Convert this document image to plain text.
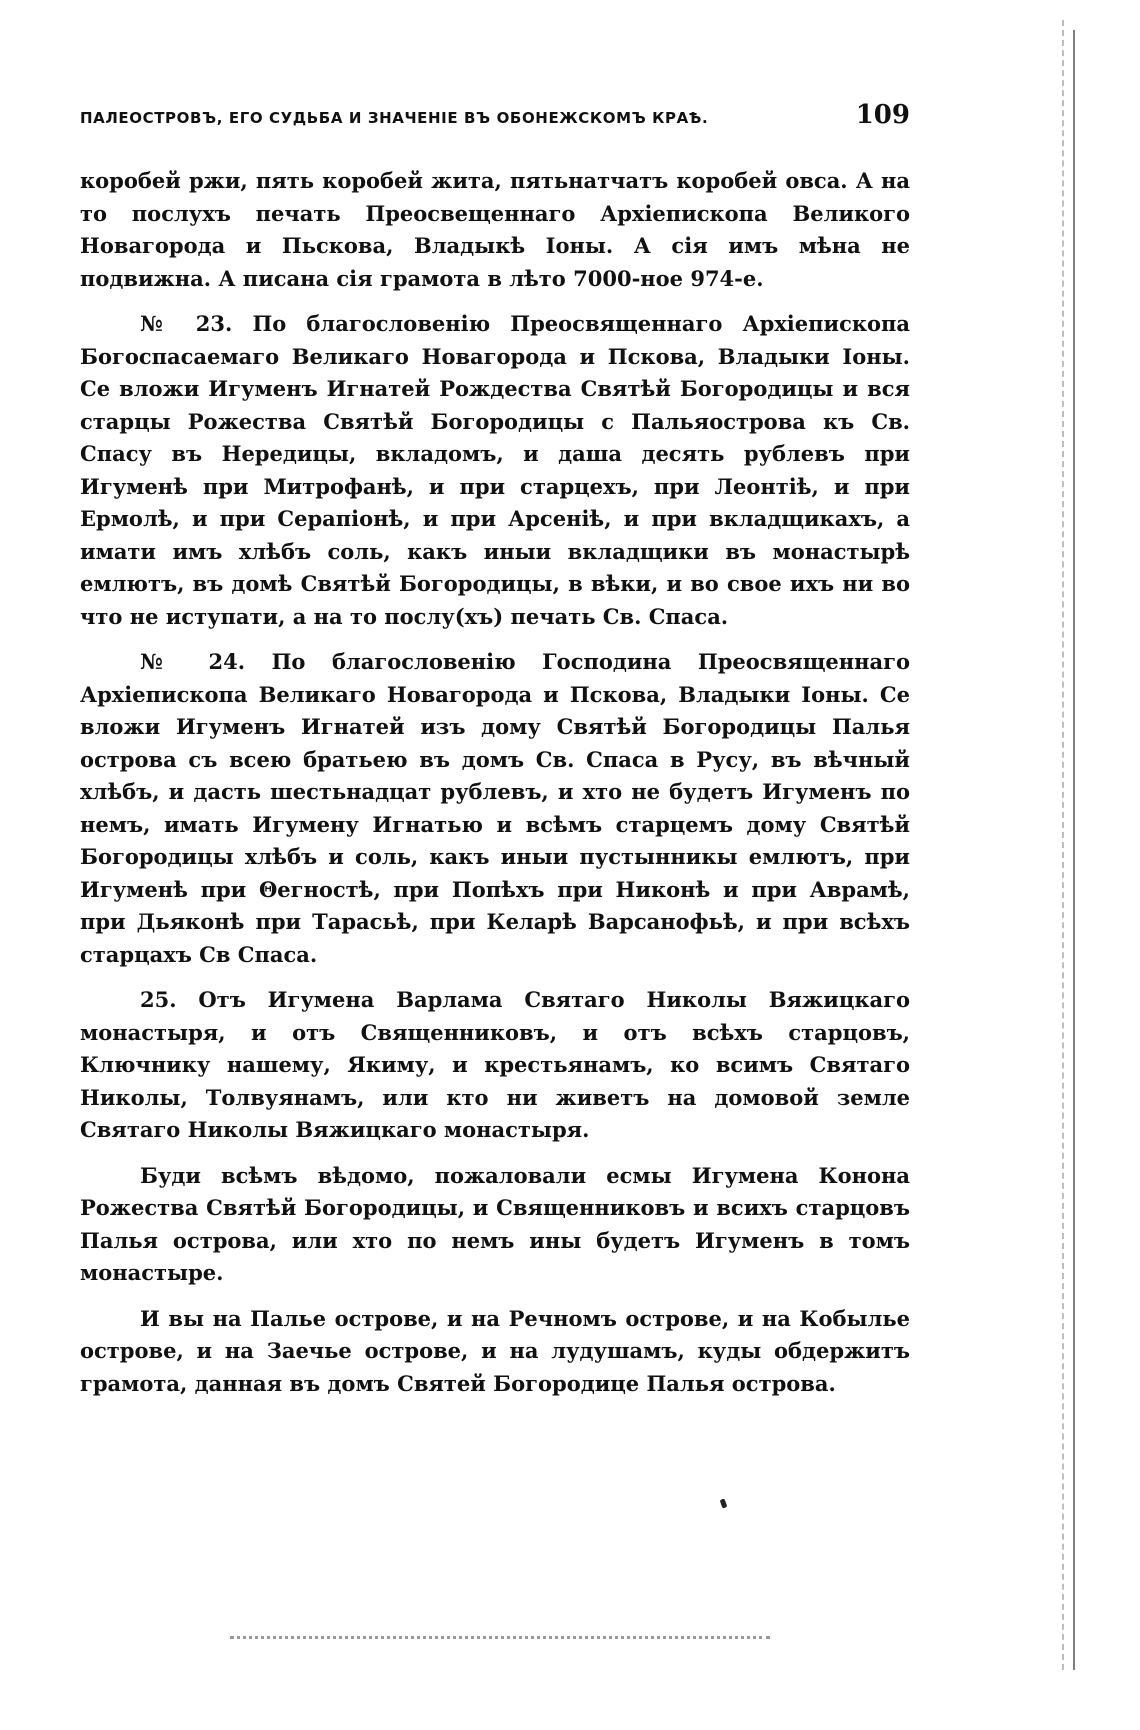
ПАЛЕОСТРОВЪ, ЕГО СУДЬБА И ЗНАЧЕНІЕ ВЪ ОБОНЕЖСКОМЪ КРАѢ.	109

коробей ржи, пять коробей жита, пятьнатчатъ коробей овса. А на то послухъ печать Преосвещеннаго Архіепископа Великого Новагорода и Пьскова, Владыкѣ Іоны. А сія имъ мѣна не подвижна. А писана сія грамота в лѣто 7000-ное 974-е.

№ 23. По благословенію Преосвященнаго Архіепископа Богоспасаемаго Великаго Новагорода и Пскова, Владыки Іоны. Се вложи Игуменъ Игнатей Рождества Святѣй Богородицы и вся старцы Рожества Святѣй Богородицы с Пальяострова къ Св. Спасу въ Нередицы, вкладомъ, и даша десять рублевъ при Игуменѣ при Митрофанѣ, и при старцехъ, при Леонтіѣ, и при Ермолѣ, и при Серапіонѣ, и при Арсеніѣ, и при вкладщикахъ, а имати имъ хлѣбъ соль, какъ иныи вкладщики въ монастырѣ емлютъ, въ домѣ Святѣй Богородицы, в вѣки, и во свое ихъ ни во что не иступати, а на то послу(хъ) печать Св. Спаса.

№ 24. По благословенію Господина Преосвященнаго Архіепископа Великаго Новагорода и Пскова, Владыки Іоны. Се вложи Игуменъ Игнатей изъ дому Святѣй Богородицы Палья острова съ всею братьею въ домъ Св. Спаса в Русу, въ вѣчный хлѣбъ, и дасть шестьнадцат рублевъ, и хто не будетъ Игуменъ по немъ, имать Игумену Игнатью и всѣмъ старцемъ дому Святѣй Богородицы хлѣбъ и соль, какъ иныи пустынникы емлютъ, при Игуменѣ при Θегностѣ, при Попѣхъ при Никонѣ и при Аврамѣ, при Дьяконѣ при Тарасьѣ, при Келарѣ Варсанофьѣ, и при всѣхъ старцахъ Св Спаса.

25. Отъ Игумена Варлама Святаго Николы Вяжицкаго монастыря, и отъ Священниковъ, и отъ всѣхъ старцовъ, Ключнику нашему, Якиму, и крестьянамъ, ко всимъ Святаго Николы, Толвуянамъ, или кто ни живетъ на домовой земле Святаго Николы Вяжицкаго монастыря.

Буди всѣмъ вѣдомо, пожаловали есмы Игумена Конона Рожества Святѣй Богородицы, и Священниковъ и всихъ старцовъ Палья острова, или хто по немъ ины будетъ Игуменъ в томъ монастыре.

И вы на Палье острове, и на Речномъ острове, и на Кобылье острове, и на Заечье острове, и на лудушамъ, куды обдержитъ грамота, данная въ домъ Святей Богородице Палья острова.
